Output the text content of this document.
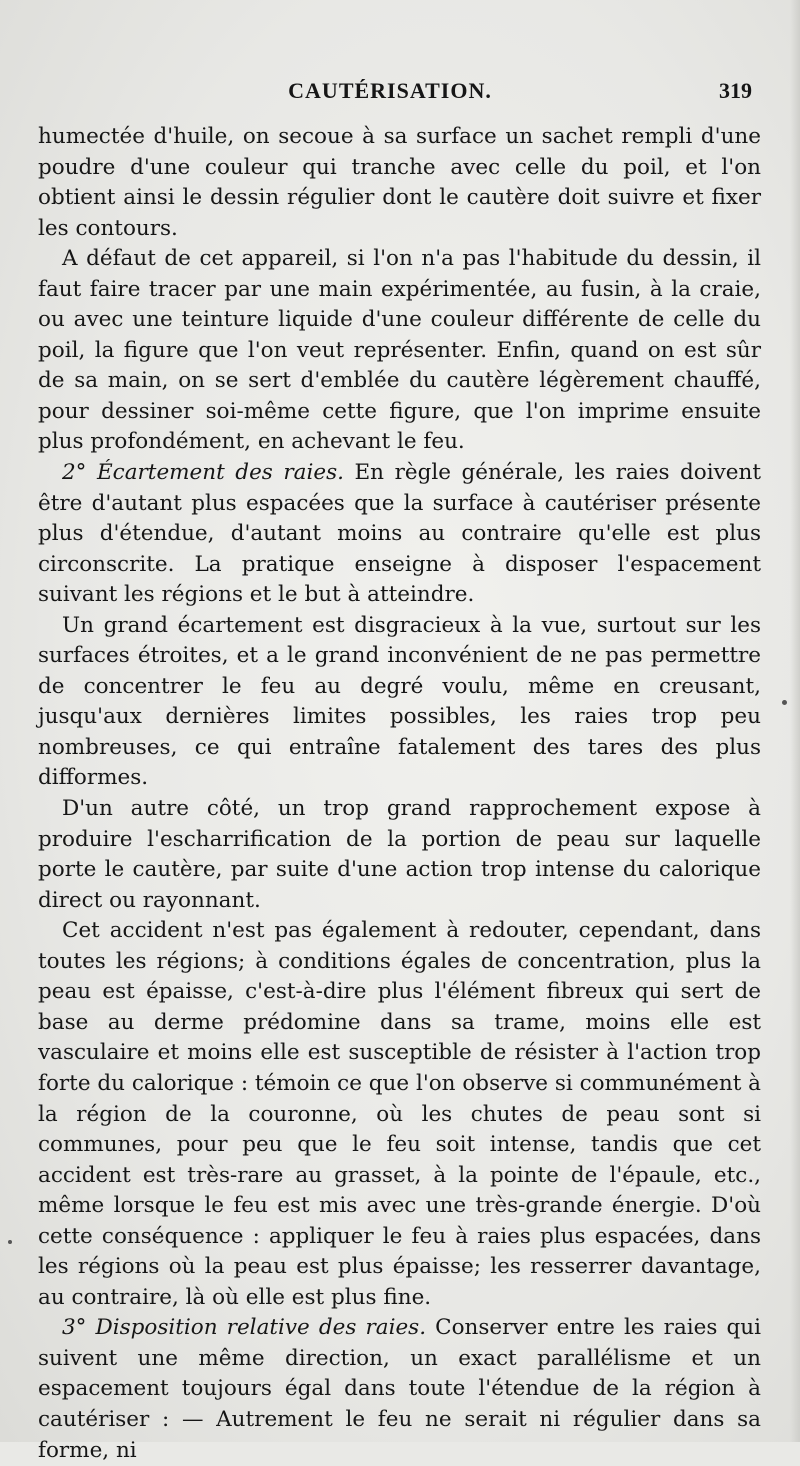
CAUTÉRISATION.	319

humectée d'huile, on secoue à sa surface un sachet rempli d'une poudre d'une couleur qui tranche avec celle du poil, et l'on obtient ainsi le dessin régulier dont le cautère doit suivre et fixer les contours.

A défaut de cet appareil, si l'on n'a pas l'habitude du dessin, il faut faire tracer par une main expérimentée, au fusin, à la craie, ou avec une teinture liquide d'une couleur différente de celle du poil, la figure que l'on veut représenter. Enfin, quand on est sûr de sa main, on se sert d'emblée du cautère légèrement chauffé, pour dessiner soi-même cette figure, que l'on imprime ensuite plus profondément, en achevant le feu.

2° Écartement des raies. En règle générale, les raies doivent être d'autant plus espacées que la surface à cautériser présente plus d'étendue, d'autant moins au contraire qu'elle est plus circonscrite. La pratique enseigne à disposer l'espacement suivant les régions et le but à atteindre.

Un grand écartement est disgracieux à la vue, surtout sur les surfaces étroites, et a le grand inconvénient de ne pas permettre de concentrer le feu au degré voulu, même en creusant, jusqu'aux dernières limites possibles, les raies trop peu nombreuses, ce qui entraîne fatalement des tares des plus difformes.

D'un autre côté, un trop grand rapprochement expose à produire l'escharrification de la portion de peau sur laquelle porte le cautère, par suite d'une action trop intense du calorique direct ou rayonnant.

Cet accident n'est pas également à redouter, cependant, dans toutes les régions; à conditions égales de concentration, plus la peau est épaisse, c'est-à-dire plus l'élément fibreux qui sert de base au derme prédomine dans sa trame, moins elle est vasculaire et moins elle est susceptible de résister à l'action trop forte du calorique : témoin ce que l'on observe si communément à la région de la couronne, où les chutes de peau sont si communes, pour peu que le feu soit intense, tandis que cet accident est très-rare au grasset, à la pointe de l'épaule, etc., même lorsque le feu est mis avec une très-grande énergie. D'où cette conséquence : appliquer le feu à raies plus espacées, dans les régions où la peau est plus épaisse; les resserrer davantage, au contraire, là où elle est plus fine.

3° Disposition relative des raies. Conserver entre les raies qui suivent une même direction, un exact parallélisme et un espacement toujours égal dans toute l'étendue de la région à cautériser : — Autrement le feu ne serait ni régulier dans sa forme, ni
